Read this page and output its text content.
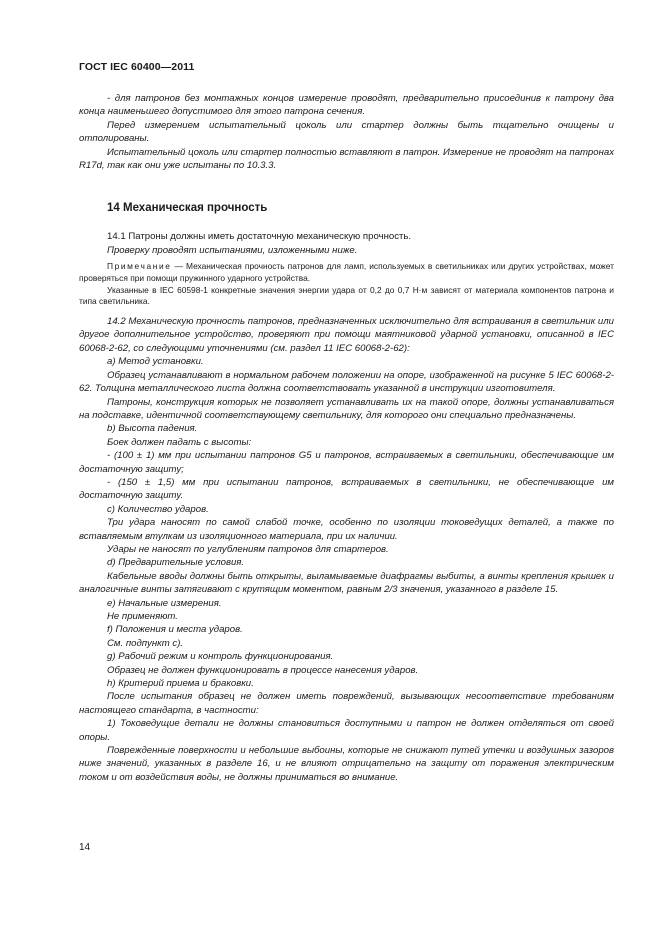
ГОСТ IEC 60400—2011

- для патронов без монтажных концов измерение проводят, предварительно присоединив к патрону два конца наименьшего допустимого для этого патрона сечения.

Перед измерением испытательный цоколь или стартер должны быть тщательно очищены и отполированы.

Испытательный цоколь или стартер полностью вставляют в патрон. Измерение не проводят на патронах R17d, так как они уже испытаны по 10.3.3.

14 Механическая прочность

14.1 Патроны должны иметь достаточную механическую прочность.

Проверку проводят испытаниями, изложенными ниже.

Примечание — Механическая прочность патронов для ламп, используемых в светильниках или других устройствах, может проверяться при помощи пружинного ударного устройства.

Указанные в IEC 60598-1 конкретные значения энергии удара от 0,2 до 0,7 Н·м зависят от материала компонентов патрона и типа светильника.

14.2 Механическую прочность патронов, предназначенных исключительно для встраивания в светильник или другое дополнительное устройство, проверяют при помощи маятниковой ударной установки, описанной в IEC 60068-2-62, со следующими уточнениями (см. раздел 11 IEC 60068-2-62):

a) Метод установки.

Образец устанавливают в нормальном рабочем положении на опоре, изображенной на рисунке 5 IEC 60068-2-62. Толщина металлического листа должна соответствовать указанной в инструкции изготовителя.

Патроны, конструкция которых не позволяет устанавливать их на такой опоре, должны устанавливаться на подставке, идентичной соответствующему светильнику, для которого они специально предназначены.

b) Высота падения.

Боек должен падать с высоты:

- (100 ± 1) мм при испытании патронов G5 и патронов, встраиваемых в светильники, обеспечивающие им достаточную защиту;

- (150 ± 1,5) мм при испытании патронов, встраиваемых в светильники, не обеспечивающие им достаточную защиту.

c) Количество ударов.

Три удара наносят по самой слабой точке, особенно по изоляции токоведущих деталей, а также по вставляемым втулкам из изоляционного материала, при их наличии.

Удары не наносят по углублениям патронов для стартеров.

d) Предварительные условия.

Кабельные вводы должны быть открыты, выламываемые диафрагмы выбиты, а винты крепления крышек и аналогичные винты затягивают с крутящим моментом, равным 2/3 значения, указанного в разделе 15.

e) Начальные измерения.

Не применяют.

f) Положения и места ударов.

См. подпункт c).

g) Рабочий режим и контроль функционирования.

Образец не должен функционировать в процессе нанесения ударов.

h) Критерий приема и браковки.

После испытания образец не должен иметь повреждений, вызывающих несоответствие требованиям настоящего стандарта, в частности:

1) Токоведущие детали не должны становиться доступными и патрон не должен отделяться от своей опоры.

Поврежденные поверхности и небольшие выбоины, которые не снижают путей утечки и воздушных зазоров ниже значений, указанных в разделе 16, и не влияют отрицательно на защиту от поражения электрическим током и от воздействия воды, не должны приниматься во внимание.

14
